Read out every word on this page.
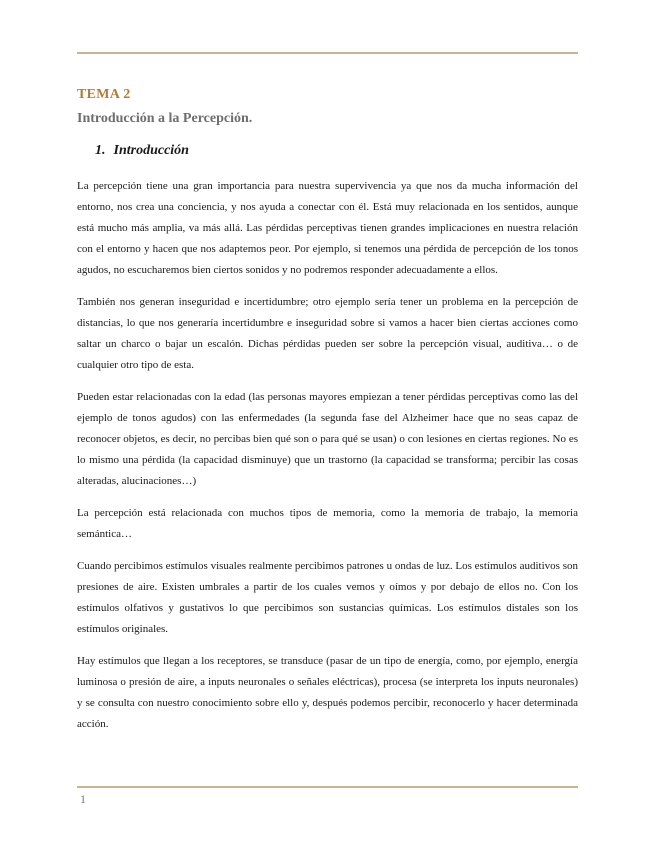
TEMA 2
Introducción a la Percepción.
1. Introducción

La percepción tiene una gran importancia para nuestra supervivencia ya que nos da mucha información del entorno, nos crea una conciencia, y nos ayuda a conectar con él. Está muy relacionada en los sentidos, aunque está mucho más amplia, va más allá. Las pérdidas perceptivas tienen grandes implicaciones en nuestra relación con el entorno y hacen que nos adaptemos peor. Por ejemplo, si tenemos una pérdida de percepción de los tonos agudos, no escucharemos bien ciertos sonidos y no podremos responder adecuadamente a ellos.

También nos generan inseguridad e incertidumbre; otro ejemplo sería tener un problema en la percepción de distancias, lo que nos generaría incertidumbre e inseguridad sobre si vamos a hacer bien ciertas acciones como saltar un charco o bajar un escalón. Dichas pérdidas pueden ser sobre la percepción visual, auditiva… o de cualquier otro tipo de esta.

Pueden estar relacionadas con la edad (las personas mayores empiezan a tener pérdidas perceptivas como las del ejemplo de tonos agudos) con las enfermedades (la segunda fase del Alzheimer hace que no seas capaz de reconocer objetos, es decir, no percibas bien qué son o para qué se usan) o con lesiones en ciertas regiones. No es lo mismo una pérdida (la capacidad disminuye) que un trastorno (la capacidad se transforma; percibir las cosas alteradas, alucinaciones…)

La percepción está relacionada con muchos tipos de memoria, como la memoria de trabajo, la memoria semántica…

Cuando percibimos estímulos visuales realmente percibimos patrones u ondas de luz. Los estímulos auditivos son presiones de aire. Existen umbrales a partir de los cuales vemos y oímos y por debajo de ellos no. Con los estímulos olfativos y gustativos lo que percibimos son sustancias químicas. Los estímulos distales son los estímulos originales.

Hay estímulos que llegan a los receptores, se transduce (pasar de un tipo de energía, como, por ejemplo, energía luminosa o presión de aire, a inputs neuronales o señales eléctricas), procesa (se interpreta los inputs neuronales) y se consulta con nuestro conocimiento sobre ello y, después podemos percibir, reconocerlo y hacer determinada acción.

1
